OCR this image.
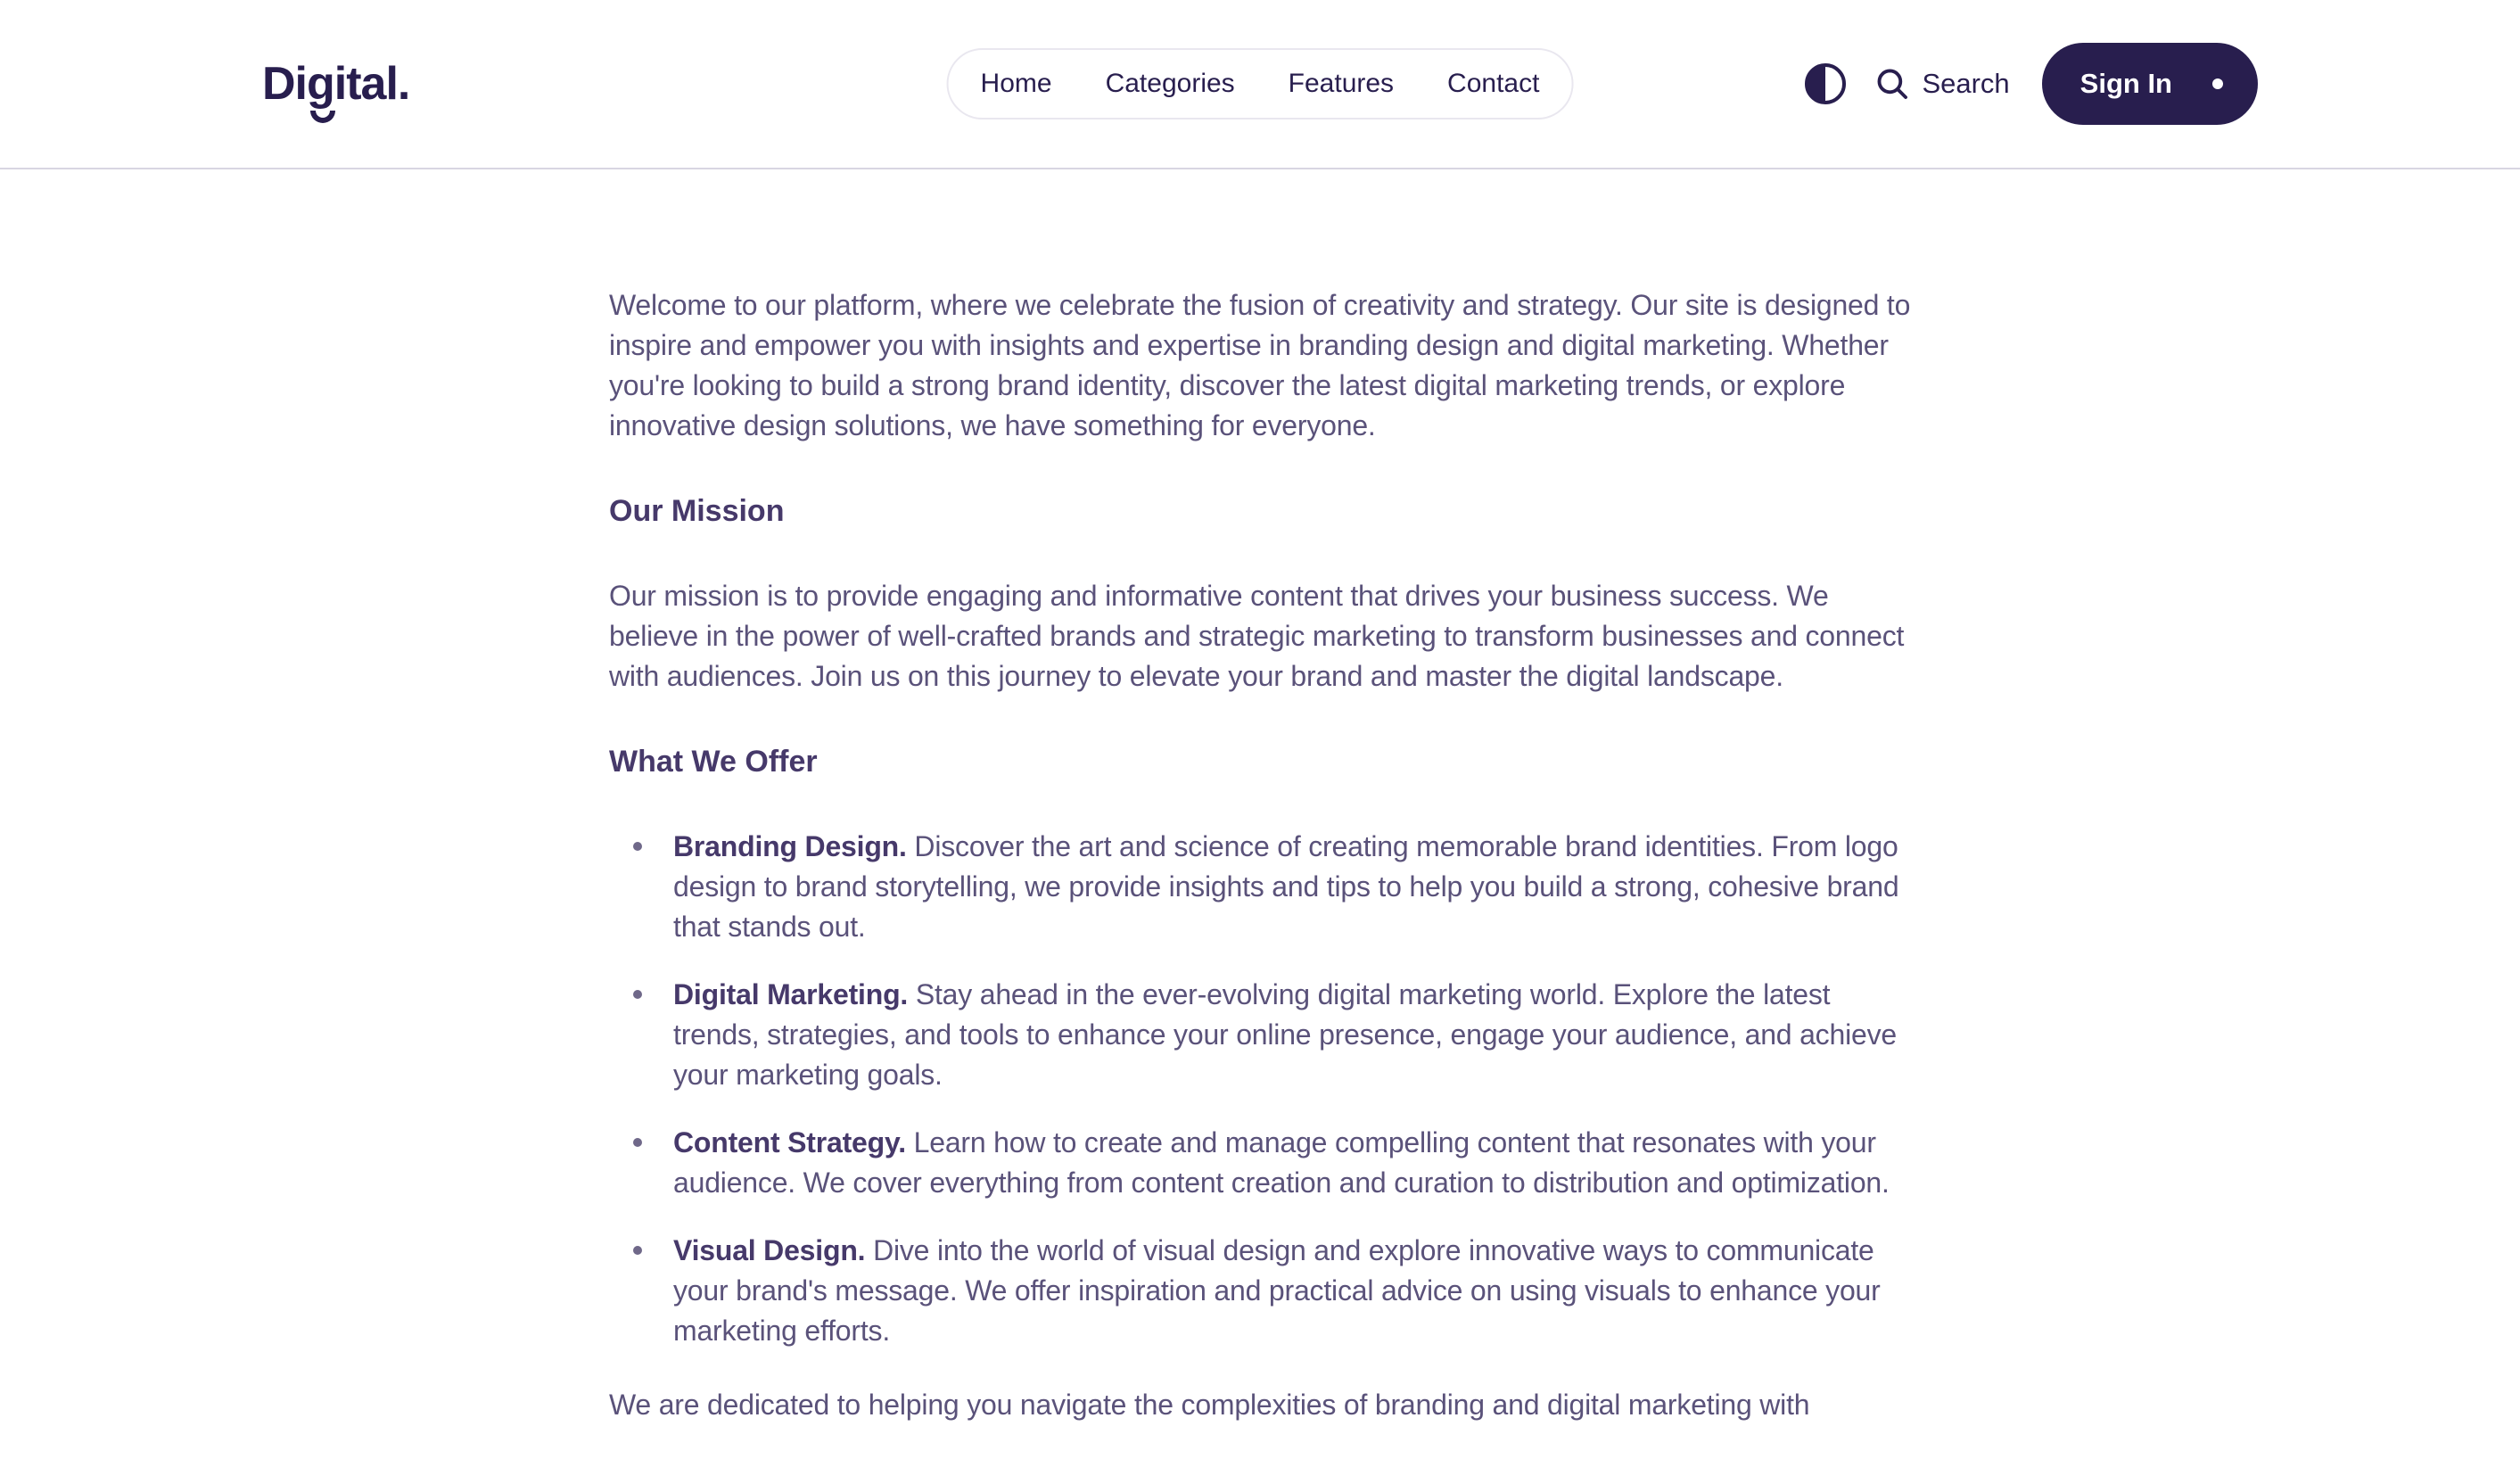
Digital.	Home Categories Features Contact	Search	Sign In

Welcome to our platform, where we celebrate the fusion of creativity and strategy. Our site is designed to inspire and empower you with insights and expertise in branding design and digital marketing. Whether you're looking to build a strong brand identity, discover the latest digital marketing trends, or explore innovative design solutions, we have something for everyone.

Our Mission

Our mission is to provide engaging and informative content that drives your business success. We believe in the power of well-crafted brands and strategic marketing to transform businesses and connect with audiences. Join us on this journey to elevate your brand and master the digital landscape.

What We Offer
Branding Design. Discover the art and science of creating memorable brand identities. From logo design to brand storytelling, we provide insights and tips to help you build a strong, cohesive brand that stands out.
Digital Marketing. Stay ahead in the ever-evolving digital marketing world. Explore the latest trends, strategies, and tools to enhance your online presence, engage your audience, and achieve your marketing goals.
Content Strategy. Learn how to create and manage compelling content that resonates with your audience. We cover everything from content creation and curation to distribution and optimization.
Visual Design. Dive into the world of visual design and explore innovative ways to communicate your brand's message. We offer inspiration and practical advice on using visuals to enhance your marketing efforts.

We are dedicated to helping you navigate the complexities of branding and digital marketing with
